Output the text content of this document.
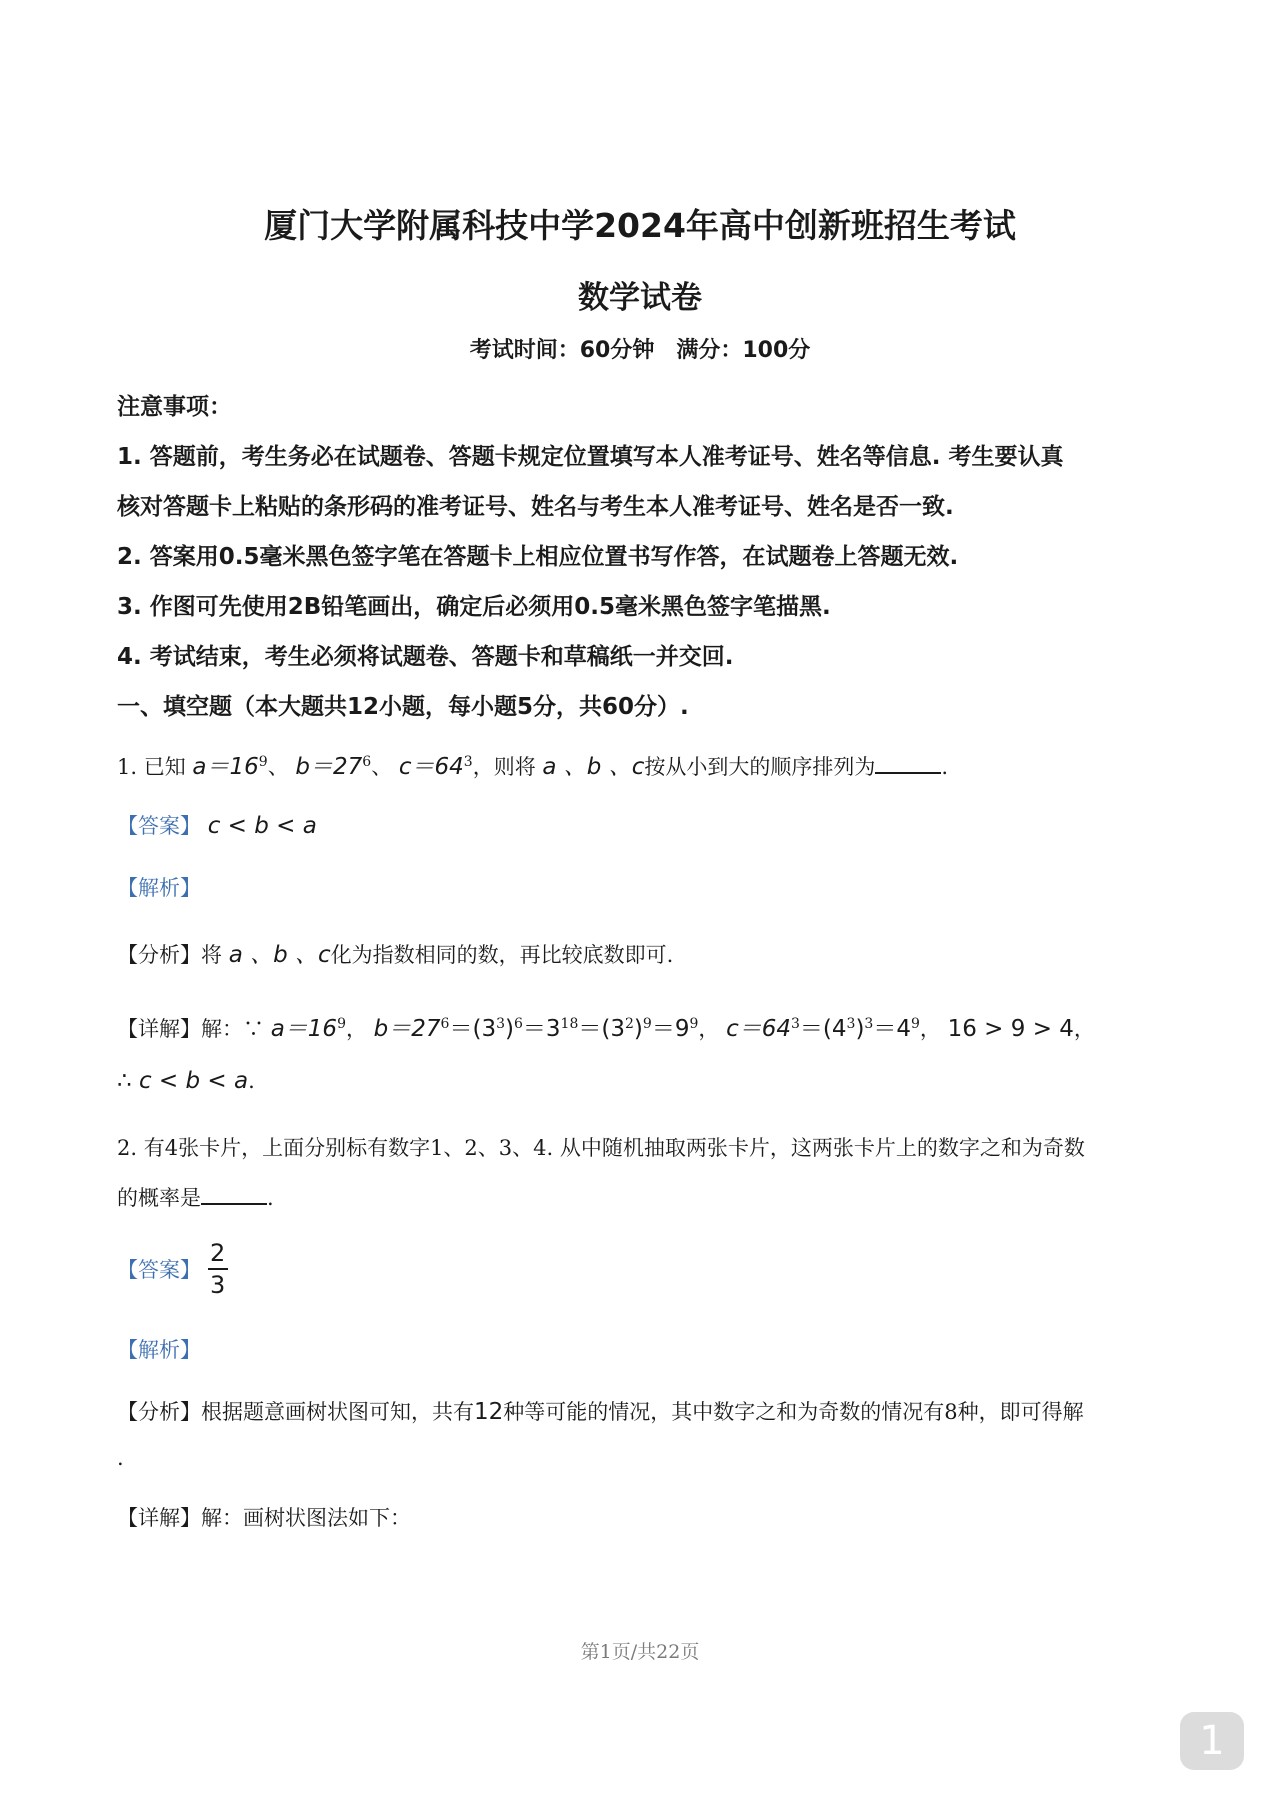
厦门大学附属科技中学2024年高中创新班招生考试
数学试卷
考试时间：60分钟　满分：100分
注意事项：
1. 答题前，考生务必在试题卷、答题卡规定位置填写本人准考证号、姓名等信息. 考生要认真
核对答题卡上粘贴的条形码的准考证号、姓名与考生本人准考证号、姓名是否一致.
2. 答案用0.5毫米黑色签字笔在答题卡上相应位置书写作答，在试题卷上答题无效.
3. 作图可先使用2B铅笔画出，确定后必须用0.5毫米黑色签字笔描黑.
4. 考试结束，考生必须将试题卷、答题卡和草稿纸一并交回.
一、填空题（本大题共12小题，每小题5分，共60分）.
1. 已知 $a=16^9$、 $b=27^6$、 $c=64^3$，则将 a 、b 、c按从小到大的顺序排列为	.
【答案】 c < b < a
【解析】
【分析】将 a 、b 、c化为指数相同的数，再比较底数即可.
【详解】解：∵ $a=16^9$， $b=27^6=(3^3)^6=3^{18}=(3^2)^9=9^9$， $c=64^3=(4^3)^3=4^9$， 16 > 9 > 4，
∴ c < b < a.
2. 有4张卡片，上面分别标有数字1、2、3、4. 从中随机抽取两张卡片，这两张卡片上的数字之和为奇数
的概率是	.
【答案】 $\frac{2}{3}$
【解析】
【分析】根据题意画树状图可知，共有12种等可能的情况，其中数字之和为奇数的情况有8种，即可得解
.
【详解】解：画树状图法如下：
第1页/共22页
1
